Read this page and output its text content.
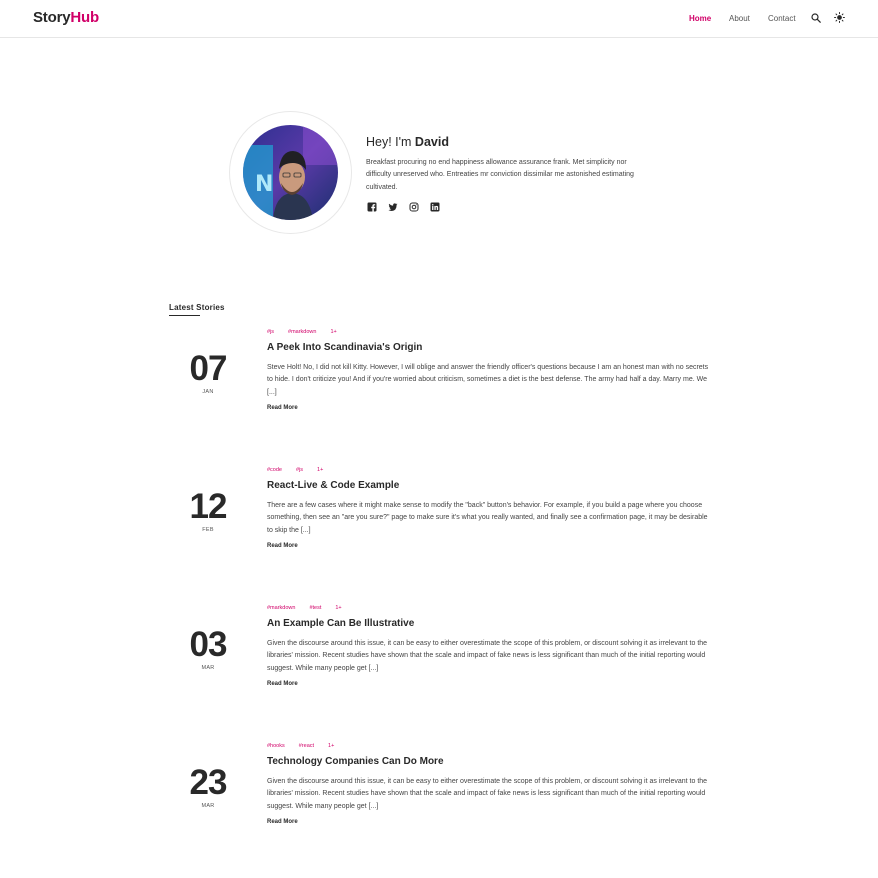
StoryHub	Home About Contact
N
Hey! I'm David

Breakfast procuring no end happiness allowance assurance frank. Met simplicity nor difficulty unreserved who. Entreaties mr conviction dissimilar me astonished estimating cultivated.

Latest Stories
07
JAN
#js	#markdown	1+
A Peek Into Scandinavia's Origin

Steve Holt! No, I did not kill Kitty. However, I will oblige and answer the friendly officer's questions because I am an honest man with no secrets to hide. I don't criticize you! And if you're worried about criticism, sometimes a diet is the best defense. The army had half a day. Marry me. We [...]

Read More
12
FEB
#code	#js	1+
React-Live & Code Example

There are a few cases where it might make sense to modify the "back" button's behavior. For example, if you build a page where you choose something, then see an "are you sure?" page to make sure it's what you really wanted, and finally see a confirmation page, it may be desirable to skip the [...]

Read More
03
MAR
#markdown	#test	1+
An Example Can Be Illustrative

Given the discourse around this issue, it can be easy to either overestimate the scope of this problem, or discount solving it as irrelevant to the libraries' mission. Recent studies have shown that the scale and impact of fake news is less significant than much of the initial reporting would suggest. While many people get [...]

Read More
23
MAR
#hooks	#react	1+
Technology Companies Can Do More

Given the discourse around this issue, it can be easy to either overestimate the scope of this problem, or discount solving it as irrelevant to the libraries' mission. Recent studies have shown that the scale and impact of fake news is less significant than much of the initial reporting would suggest. While many people get [...]

Read More
